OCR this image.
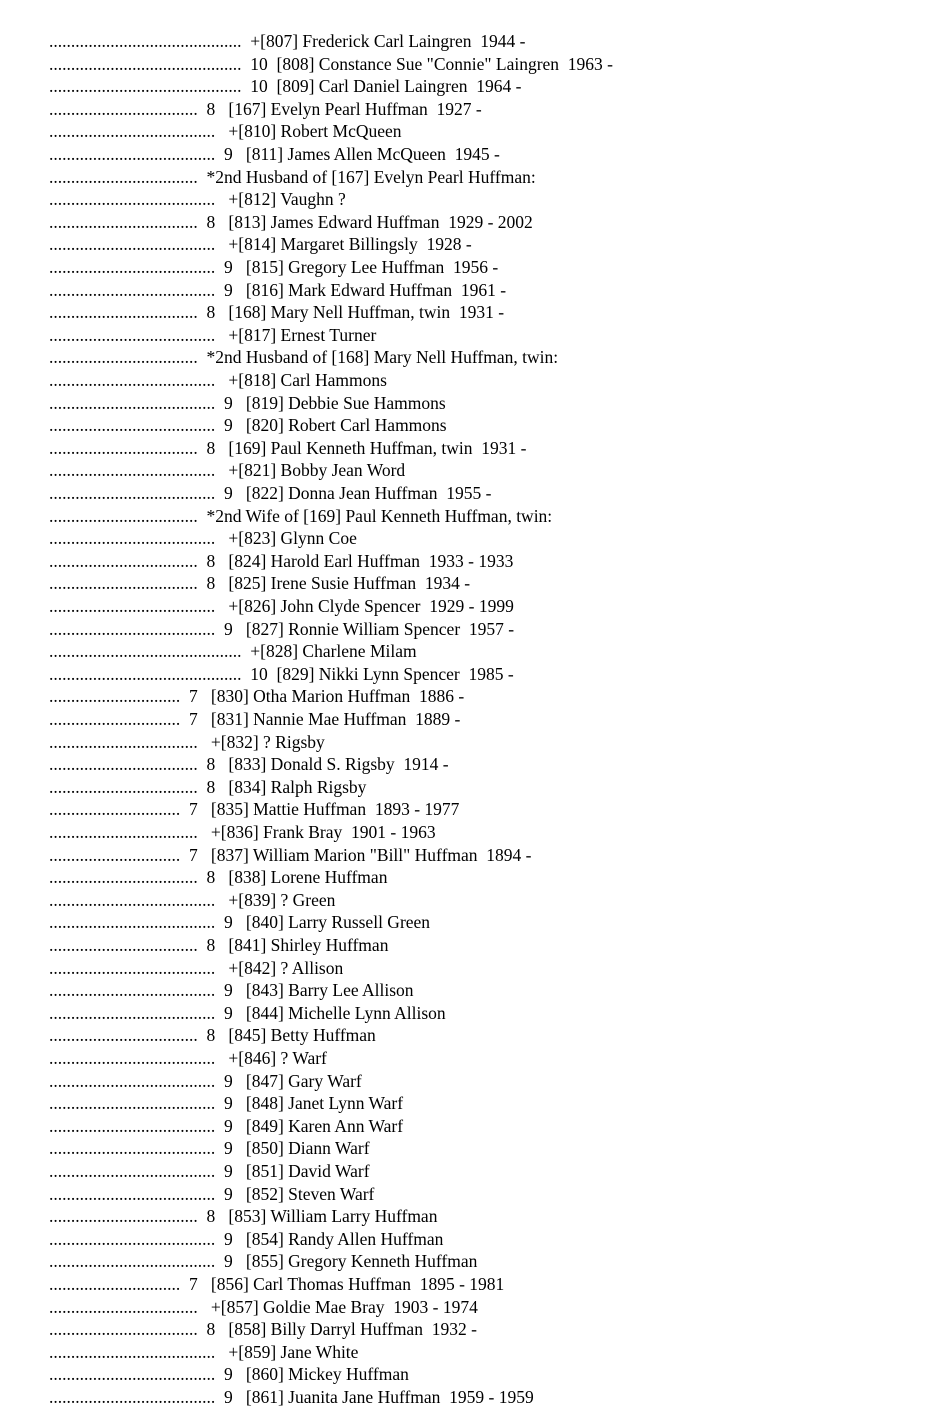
............................................  +[807] Frederick Carl Laingren  1944 -
............................................  10  [808] Constance Sue "Connie" Laingren  1963 -
............................................  10  [809] Carl Daniel Laingren  1964 -
..................................  8   [167] Evelyn Pearl Huffman  1927 -
......................................   +[810] Robert McQueen
......................................  9   [811] James Allen McQueen  1945 -
..................................  *2nd Husband of [167] Evelyn Pearl Huffman:
......................................   +[812] Vaughn ?
..................................  8   [813] James Edward Huffman  1929 - 2002
......................................   +[814] Margaret Billingsly  1928 -
......................................  9   [815] Gregory Lee Huffman  1956 -
......................................  9   [816] Mark Edward Huffman  1961 -
..................................  8   [168] Mary Nell Huffman, twin  1931 -
......................................   +[817] Ernest Turner
..................................  *2nd Husband of [168] Mary Nell Huffman, twin:
......................................   +[818] Carl Hammons
......................................  9   [819] Debbie Sue Hammons
......................................  9   [820] Robert Carl Hammons
..................................  8   [169] Paul Kenneth Huffman, twin  1931 -
......................................   +[821] Bobby Jean Word
......................................  9   [822] Donna Jean Huffman  1955 -
..................................  *2nd Wife of [169] Paul Kenneth Huffman, twin:
......................................   +[823] Glynn Coe
..................................  8   [824] Harold Earl Huffman  1933 - 1933
..................................  8   [825] Irene Susie Huffman  1934 -
......................................   +[826] John Clyde Spencer  1929 - 1999
......................................  9   [827] Ronnie William Spencer  1957 -
............................................  +[828] Charlene Milam
............................................  10  [829] Nikki Lynn Spencer  1985 -
..............................  7   [830] Otha Marion Huffman  1886 -
..............................  7   [831] Nannie Mae Huffman  1889 -
..................................   +[832] ? Rigsby
..................................  8   [833] Donald S. Rigsby  1914 -
..................................  8   [834] Ralph Rigsby
..............................  7   [835] Mattie Huffman  1893 - 1977
..................................   +[836] Frank Bray  1901 - 1963
..............................  7   [837] William Marion "Bill" Huffman  1894 -
..................................  8   [838] Lorene Huffman
......................................   +[839] ? Green
......................................  9   [840] Larry Russell Green
..................................  8   [841] Shirley Huffman
......................................   +[842] ? Allison
......................................  9   [843] Barry Lee Allison
......................................  9   [844] Michelle Lynn Allison
..................................  8   [845] Betty Huffman
......................................   +[846] ? Warf
......................................  9   [847] Gary Warf
......................................  9   [848] Janet Lynn Warf
......................................  9   [849] Karen Ann Warf
......................................  9   [850] Diann Warf
......................................  9   [851] David Warf
......................................  9   [852] Steven Warf
..................................  8   [853] William Larry Huffman
......................................  9   [854] Randy Allen Huffman
......................................  9   [855] Gregory Kenneth Huffman
..............................  7   [856] Carl Thomas Huffman  1895 - 1981
..................................   +[857] Goldie Mae Bray  1903 - 1974
..................................  8   [858] Billy Darryl Huffman  1932 -
......................................   +[859] Jane White
......................................  9   [860] Mickey Huffman
......................................  9   [861] Juanita Jane Huffman  1959 - 1959
